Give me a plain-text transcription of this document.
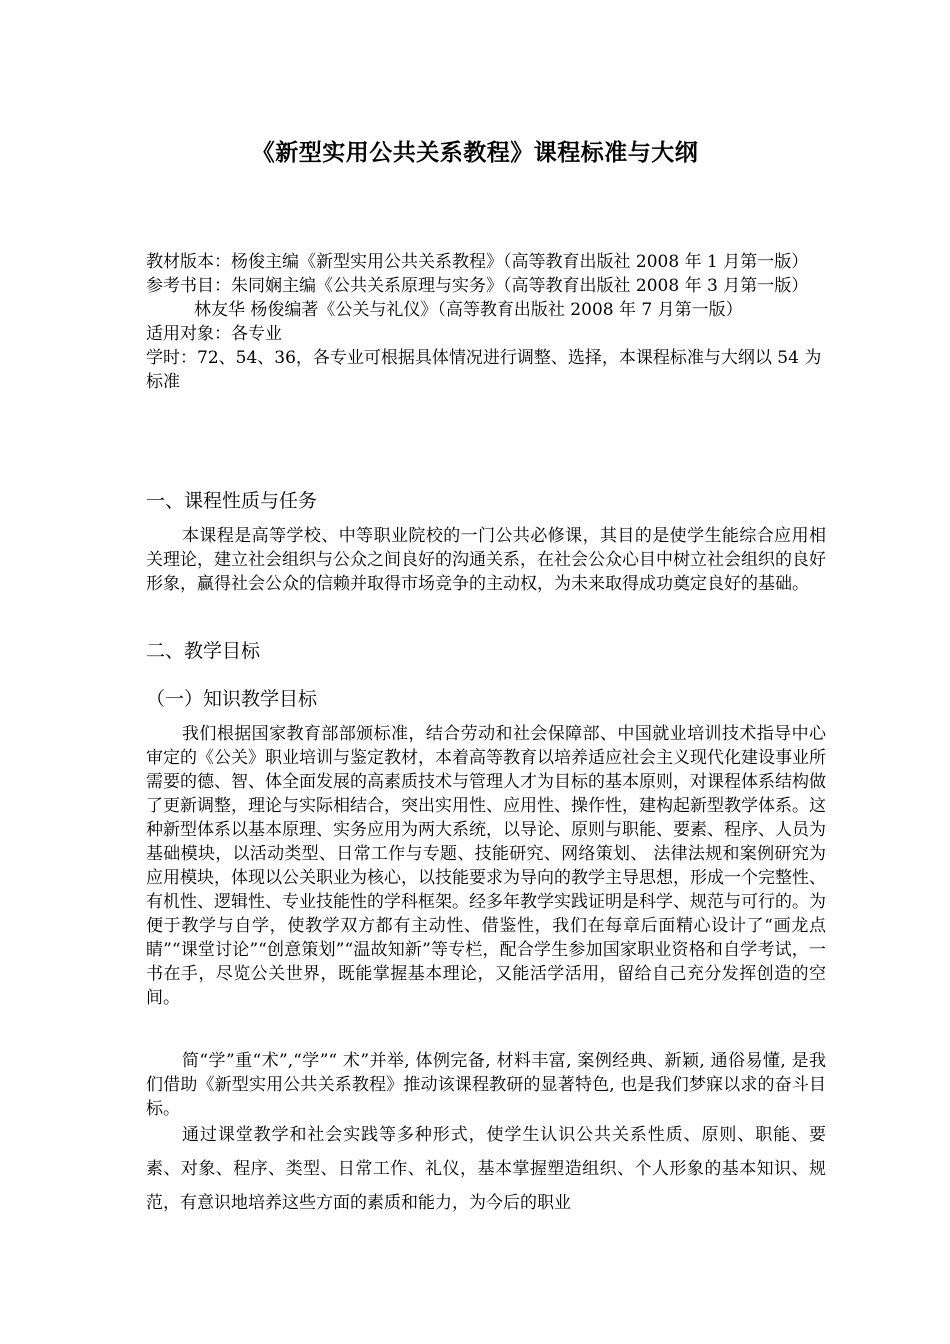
《新型实用公共关系教程》课程标准与大纲

教材版本：杨俊主编《新型实用公共关系教程》（高等教育出版社 2008 年 1 月第一版）

参考书目：朱同娴主编《公共关系原理与实务》（高等教育出版社 2008 年 3 月第一版）

林友华 杨俊编著《公关与礼仪》（高等教育出版社 2008 年 7 月第一版）

适用对象：各专业

学时：72、54、36，各专业可根据具体情况进行调整、选择，本课程标准与大纲以 54 为标准

一、课程性质与任务

本课程是高等学校、中等职业院校的一门公共必修课，其目的是使学生能综合应用相关理论，建立社会组织与公众之间良好的沟通关系，在社会公众心目中树立社会组织的良好形象，赢得社会公众的信赖并取得市场竞争的主动权，为未来取得成功奠定良好的基础。

二、教学目标
（一）知识教学目标

我们根据国家教育部部颁标准，结合劳动和社会保障部、中国就业培训技术指导中心审定的《公关》职业培训与鉴定教材，本着高等教育以培养适应社会主义现代化建设事业所需要的德、智、体全面发展的高素质技术与管理人才为目标的基本原则，对课程体系结构做了更新调整，理论与实际相结合，突出实用性、应用性、操作性，建构起新型教学体系。这种新型体系以基本原理、实务应用为两大系统，以导论、原则与职能、要素、程序、人员为基础模块，以活动类型、日常工作与专题、技能研究、网络策划、 法律法规和案例研究为应用模块，体现以公关职业为核心，以技能要求为导向的教学主导思想，形成一个完整性、有机性、逻辑性、专业技能性的学科框架。经多年教学实践证明是科学、规范与可行的。为便于教学与自学，使教学双方都有主动性、借鉴性，我们在每章后面精心设计了“画龙点睛”“课堂讨论”“创意策划”“温故知新”等专栏，配合学生参加国家职业资格和自学考试，一书在手，尽览公关世界，既能掌握基本理论，又能活学活用，留给自己充分发挥创造的空间。

简“学”重“术”,“学”“ 术”并举, 体例完备, 材料丰富, 案例经典、新颖, 通俗易懂, 是我们借助《新型实用公共关系教程》推动该课程教研的显著特色, 也是我们梦寐以求的奋斗目标。

通过课堂教学和社会实践等多种形式，使学生认识公共关系性质、原则、职能、要素、对象、程序、类型、日常工作、礼仪，基本掌握塑造组织、个人形象的基本知识、规范，有意识地培养这些方面的素质和能力，为今后的职业
